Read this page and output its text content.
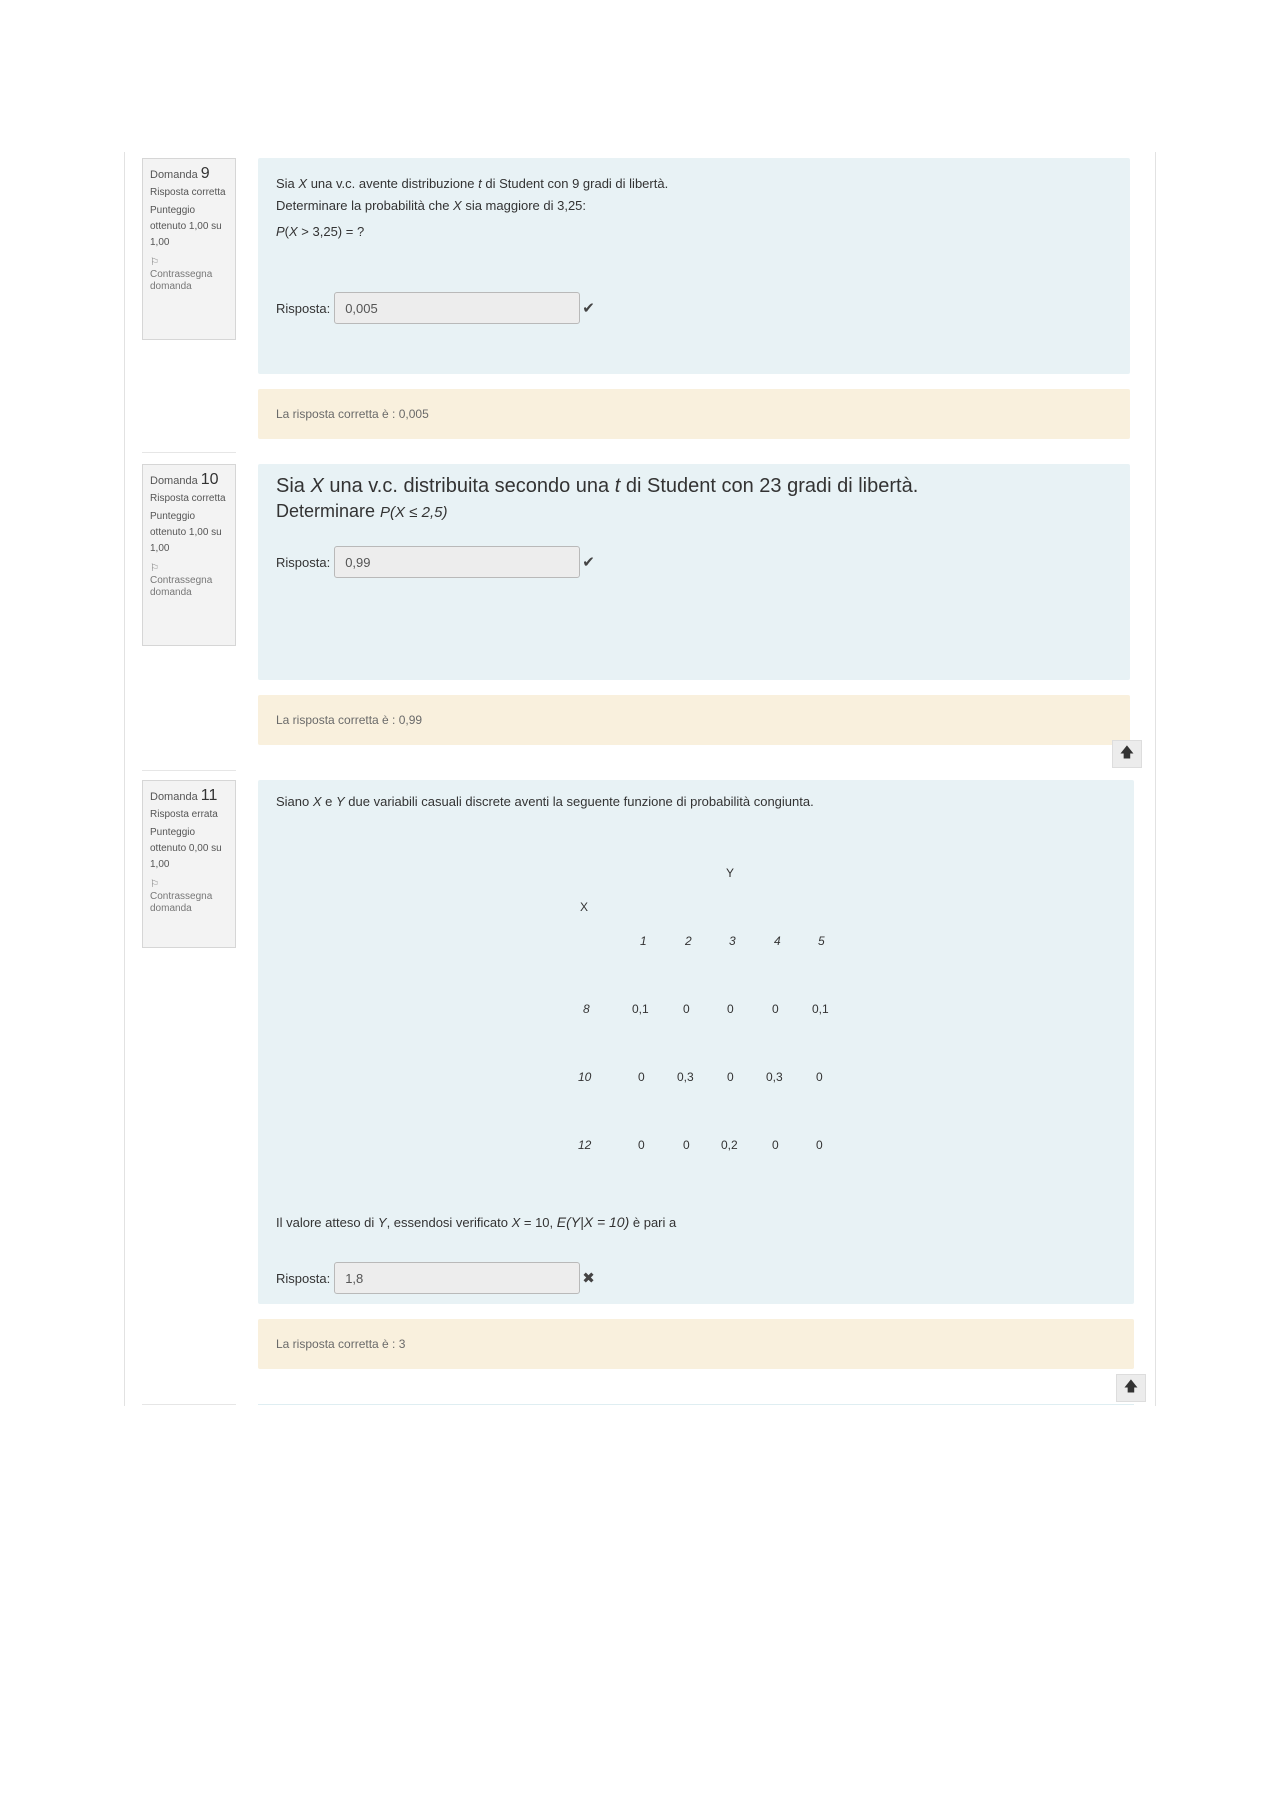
Domanda 9
Risposta corretta
Punteggio ottenuto 1,00 su 1,00
⚐
Contrassegna domanda
Sia X una v.c. avente distribuzione t di Student con 9 gradi di libertà.
Determinare la probabilità che X sia maggiore di 3,25:
P(X > 3,25) = ?
Risposta:
0,005	✔
La risposta corretta è : 0,005
Domanda 10
Risposta corretta
Punteggio ottenuto 1,00 su 1,00
⚐
Contrassegna domanda
Sia X una v.c. distribuita secondo una t di Student con 23 gradi di libertà.
Determinare P(X ≤ 2,5)
Risposta:
0,99	✔
La risposta corretta è : 0,99
🡅
Domanda 11
Risposta errata
Punteggio ottenuto 0,00 su 1,00
⚐
Contrassegna domanda
Siano X e Y due variabili casuali discrete aventi la seguente funzione di probabilità congiunta.
Y
X
1	2	3	4	5
8	0,1	0	0	0	0,1
10	0	0,3	0	0,3	0
12	0	0	0,2	0	0
Il valore atteso di Y, essendosi verificato X = 10, E(Y|X = 10) è pari a
Risposta:
1,8	✖
La risposta corretta è : 3
🡅
